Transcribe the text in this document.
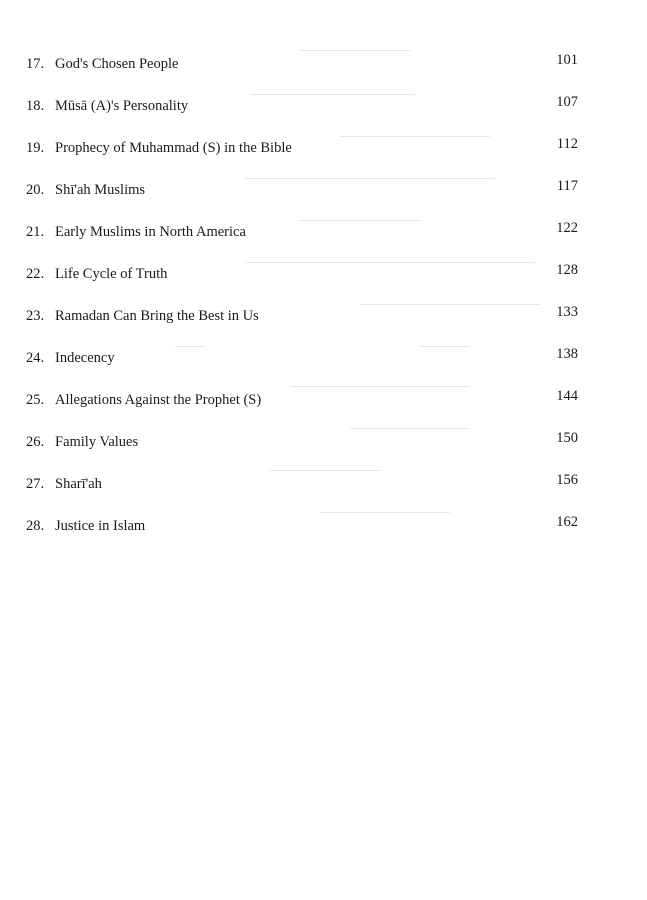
17. God's Chosen People	101
18. Mūsā (A)'s Personality	107
19. Prophecy of Muhammad (S) in the Bible	112
20. Shī'ah Muslims	117
21. Early Muslims in North America	122
22. Life Cycle of Truth	128
23. Ramadan Can Bring the Best in Us	133
24. Indecency	138
25. Allegations Against the Prophet (S)	144
26. Family Values	150
27. Sharī'ah	156
28. Justice in Islam	162
